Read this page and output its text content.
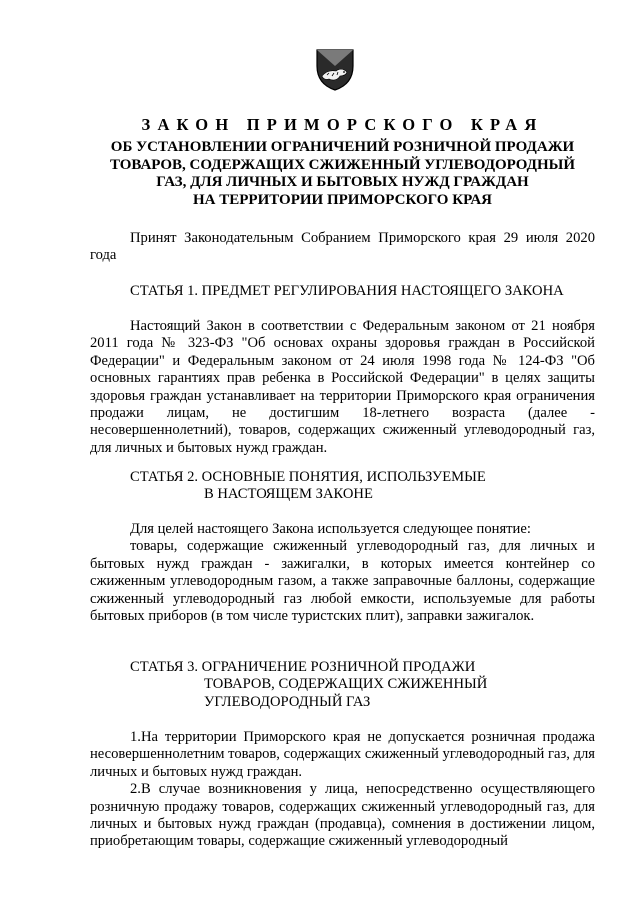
ЗАКОН ПРИМОРСКОГО КРАЯ
ОБ УСТАНОВЛЕНИИ ОГРАНИЧЕНИЙ РОЗНИЧНОЙ ПРОДАЖИ
ТОВАРОВ, СОДЕРЖАЩИХ СЖИЖЕННЫЙ УГЛЕВОДОРОДНЫЙ
ГАЗ, ДЛЯ ЛИЧНЫХ И БЫТОВЫХ НУЖД ГРАЖДАН
НА ТЕРРИТОРИИ ПРИМОРСКОГО КРАЯ

Принят Законодательным Собранием Приморского края 29 июля 2020 года

СТАТЬЯ 1. ПРЕДМЕТ РЕГУЛИРОВАНИЯ НАСТОЯЩЕГО ЗАКОНА

Настоящий Закон в соответствии с Федеральным законом от 21 ноября 2011 года № 323-ФЗ "Об основах охраны здоровья граждан в Российской Федерации" и Федеральным законом от 24 июля 1998 года № 124-ФЗ "Об основных гарантиях прав ребенка в Российской Федерации" в целях защиты здоровья граждан устанавливает на территории Приморского края ограничения продажи лицам, не достигшим 18-летнего возраста (далее - несовершеннолетний), товаров, содержащих сжиженный углеводородный газ, для личных и бытовых нужд граждан.

СТАТЬЯ 2. ОСНОВНЫЕ ПОНЯТИЯ, ИСПОЛЬЗУЕМЫЕ
В НАСТОЯЩЕМ ЗАКОНЕ

Для целей настоящего Закона используется следующее понятие:

товары, содержащие сжиженный углеводородный газ, для личных и бытовых нужд граждан - зажигалки, в которых имеется контейнер со сжиженным углеводородным газом, а также заправочные баллоны, содержащие сжиженный углеводородный газ любой емкости, используемые для работы бытовых приборов (в том числе туристских плит), заправки зажигалок.

СТАТЬЯ 3. ОГРАНИЧЕНИЕ РОЗНИЧНОЙ ПРОДАЖИ
ТОВАРОВ, СОДЕРЖАЩИХ СЖИЖЕННЫЙ
УГЛЕВОДОРОДНЫЙ ГАЗ

1.На территории Приморского края не допускается розничная продажа несовершеннолетним товаров, содержащих сжиженный углеводородный газ, для личных и бытовых нужд граждан.

2.В случае возникновения у лица, непосредственно осуществляющего розничную продажу товаров, содержащих сжиженный углеводородный газ, для личных и бытовых нужд граждан (продавца), сомнения в достижении лицом, приобретающим товары, содержащие сжиженный углеводородный
